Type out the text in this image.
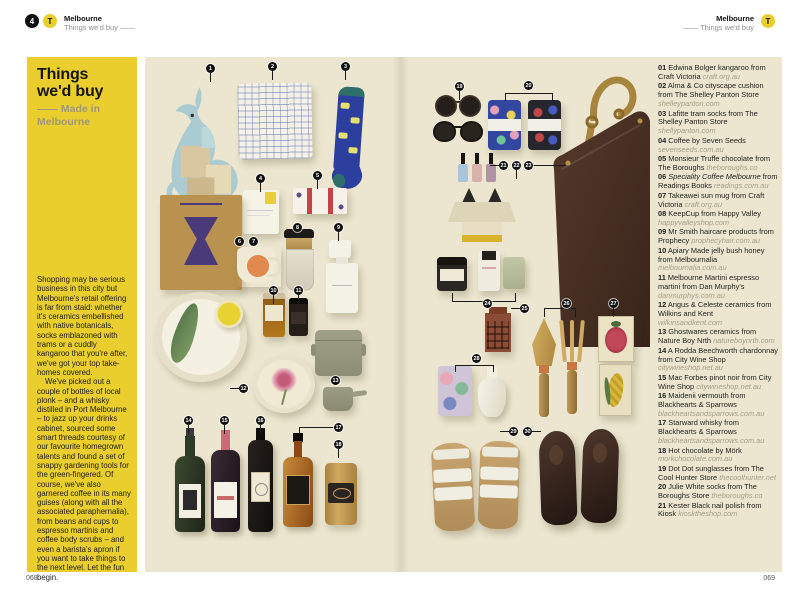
4	T	Melbourne
Things we'd buy ——
Melbourne
—— Things we'd buy
T
Things
we'd buy
—— Made in Melbourne

Shopping may be serious business in this city but Melbourne's retail offering is far from staid: whether it's ceramics embellished with native botanicals, socks emblazoned with trams or a cuddly kangaroo that you're after, we've got your top take-homes covered.

We've picked out a couple of bottles of local plonk – and a whisky distilled in Port Melbourne – to jazz up your drinks cabinet, sourced some smart threads courtesy of our favourite homegrown talents and found a set of snappy gardening tools for the green-fingered. Of course, we've also garnered coffee in its many guises (along with all the associated paraphernalia), from beans and cups to espresso martinis and coffee body scrubs – and even a barista's apron if you want to take things to the next level. Let the fun begin.

1	2	3
4	5
6	7
8	9
10	11
12
13
14	15	16
17
18
19	20
21 22 23
24
25
26	27
28
29 30
01 Edwina Bolger kangaroo from Craft Victoria craft.org.au
02 Alma & Co cityscape cushion from The Shelley Panton Store shelleypanton.com
03 Lafitte tram socks from The Shelley Panton Store shellypanton.com
04 Coffee by Seven Seeds sevenseeds.com.au
05 Monsieur Truffe chocolate from The Boroughs theboroughs.co
06 Speciality Coffee Melbourne from Readings Books readings.com.au
07 Takeawei sun mug from Craft Victoria craft.org.au
08 KeepCup from Happy Valley happyvalleyshop.com
09 Mr Smith haircare products from Prophecy prophecyhair.com.au
10 Apiary Made jelly bush honey from Melbournalia melbournalia.com.au
11 Melbourne Martini espresso martini from Dan Murphy's danmurphys.com.au
12 Angus & Celeste ceramics from Wilkins and Kent wilkinsandkent.com
13 Ghostwares ceramics from Nature Boy Nrth natureboynrth.com
14 A Rodda Beechworth chardonnay from City Wine Shop citywineshop.net.au
15 Mac Forbes pinot noir from City Wine Shop citywineshop.net.au
16 Maidenii vermouth from Blackhearts & Sparrows blackheartsandsparrows.com.au
17 Starward whisky from Blackhearts & Sparrows blackheartsandsparrows.com.au
18 Hot chocolate by Mörk morkchocolate.com.au
19 Dot Dot sunglasses from The Cool Hunter Store thecoolhunter.net
20 Julie White socks from The Boroughs Store theboroughs.co
21 Kester Black nail polish from Kiosk kiosktheshop.com
068	069
